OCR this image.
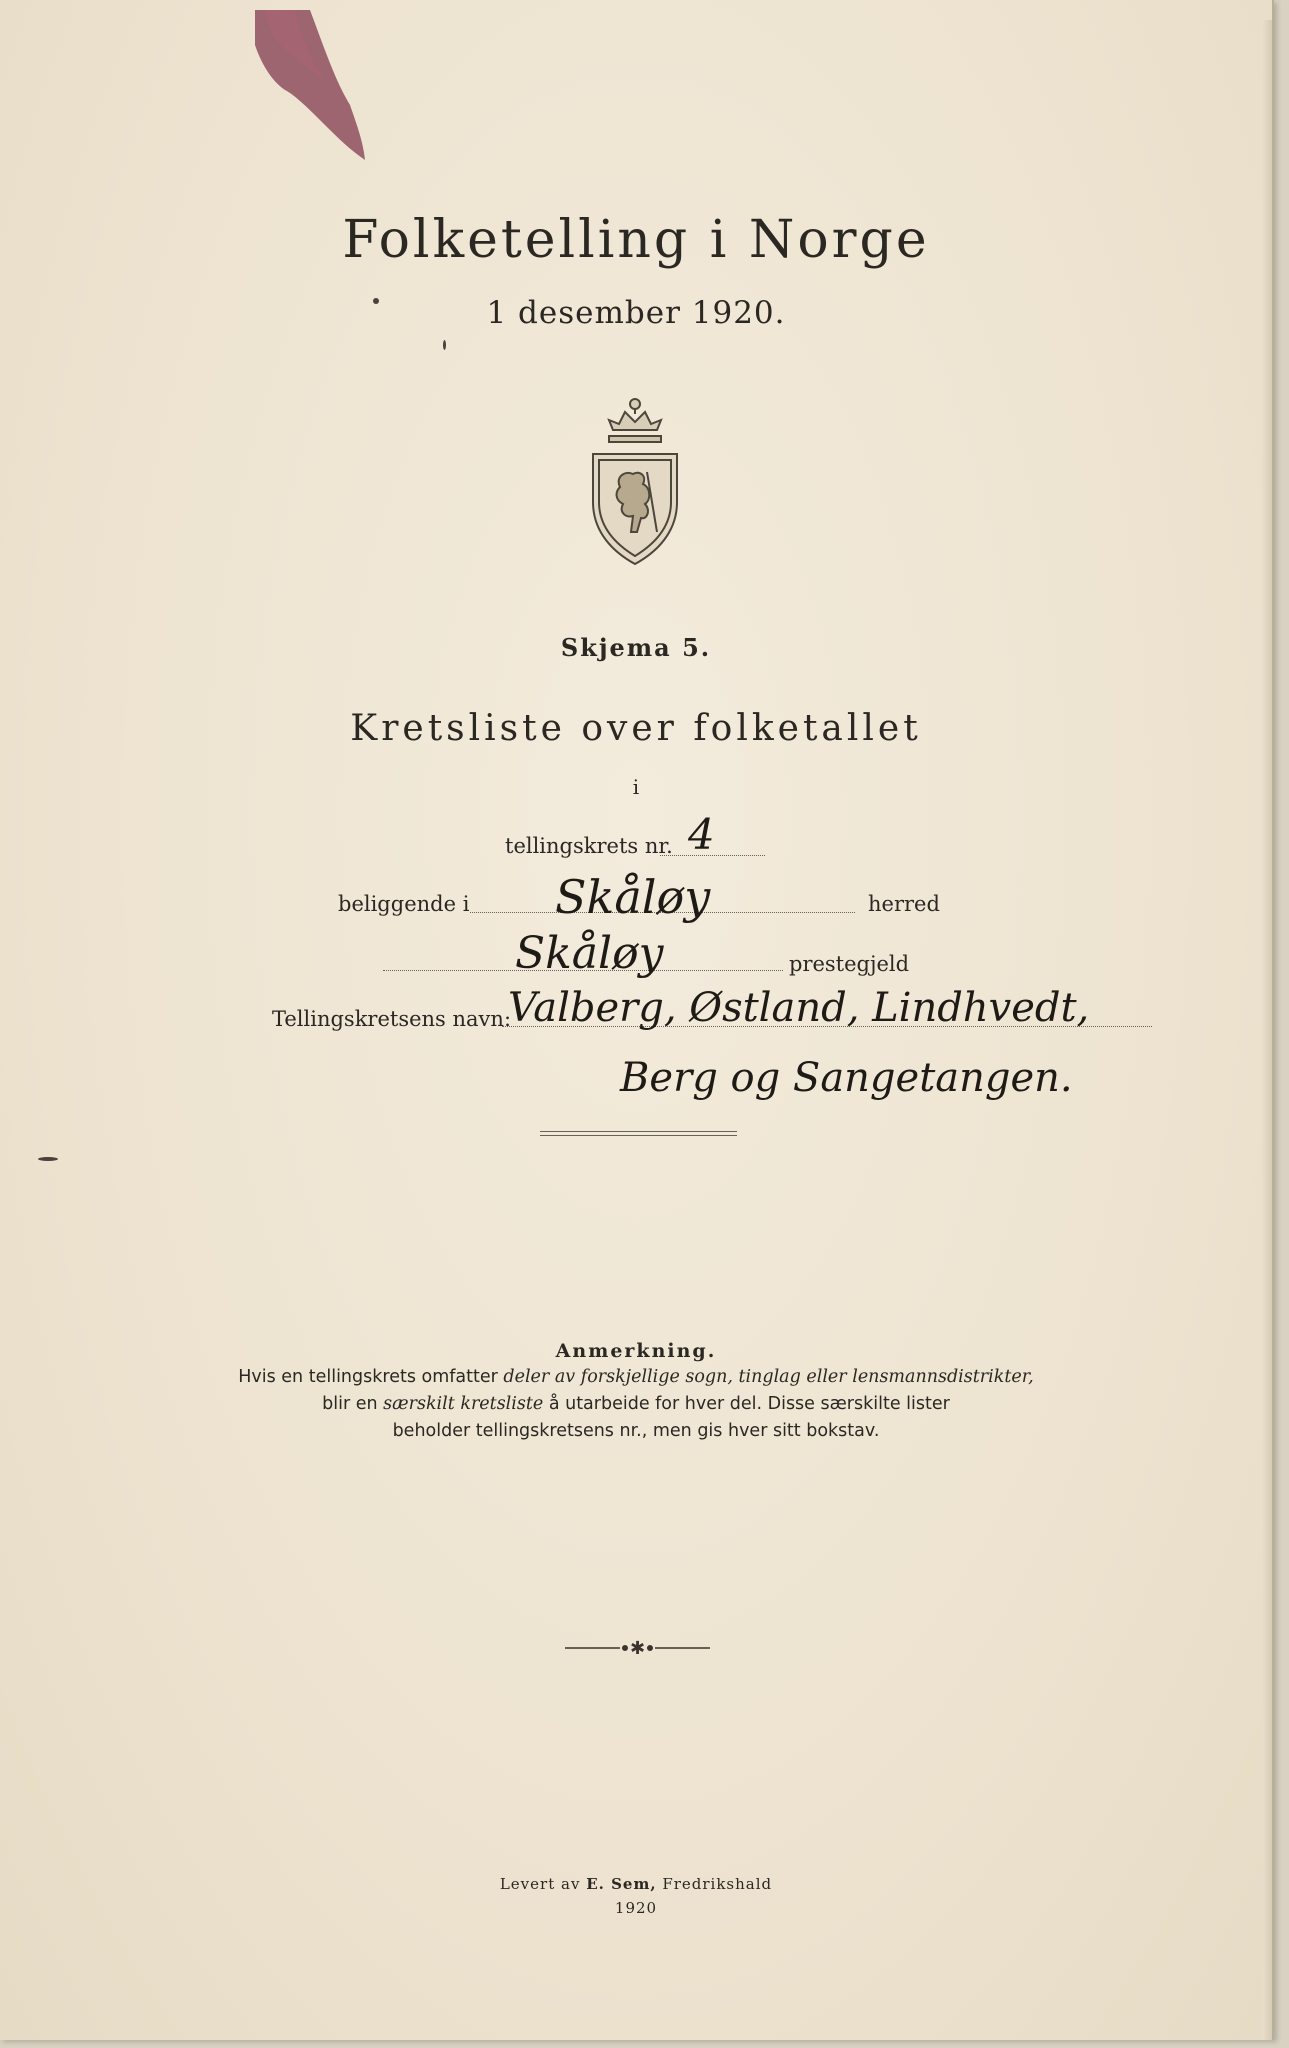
Folketelling i Norge
1 desember 1920.
Skjema 5.
Kretsliste over folketallet
i
tellingskrets nr. 4
beliggende i Skåløy	herred
Skåløy	prestegjeld
Tellingskretsens navn:
Valberg, Østland, Lindhvedt,
Berg og Sangetangen.
Anmerkning.
Hvis en tellingskrets omfatter deler av forskjellige sogn, tinglag eller lensmannsdistrikter,
blir en særskilt kretsliste å utarbeide for hver del. Disse særskilte lister
beholder tellingskretsens nr., men gis hver sitt bokstav.
✱
Levert av E. Sem, Fredrikshald
1920
